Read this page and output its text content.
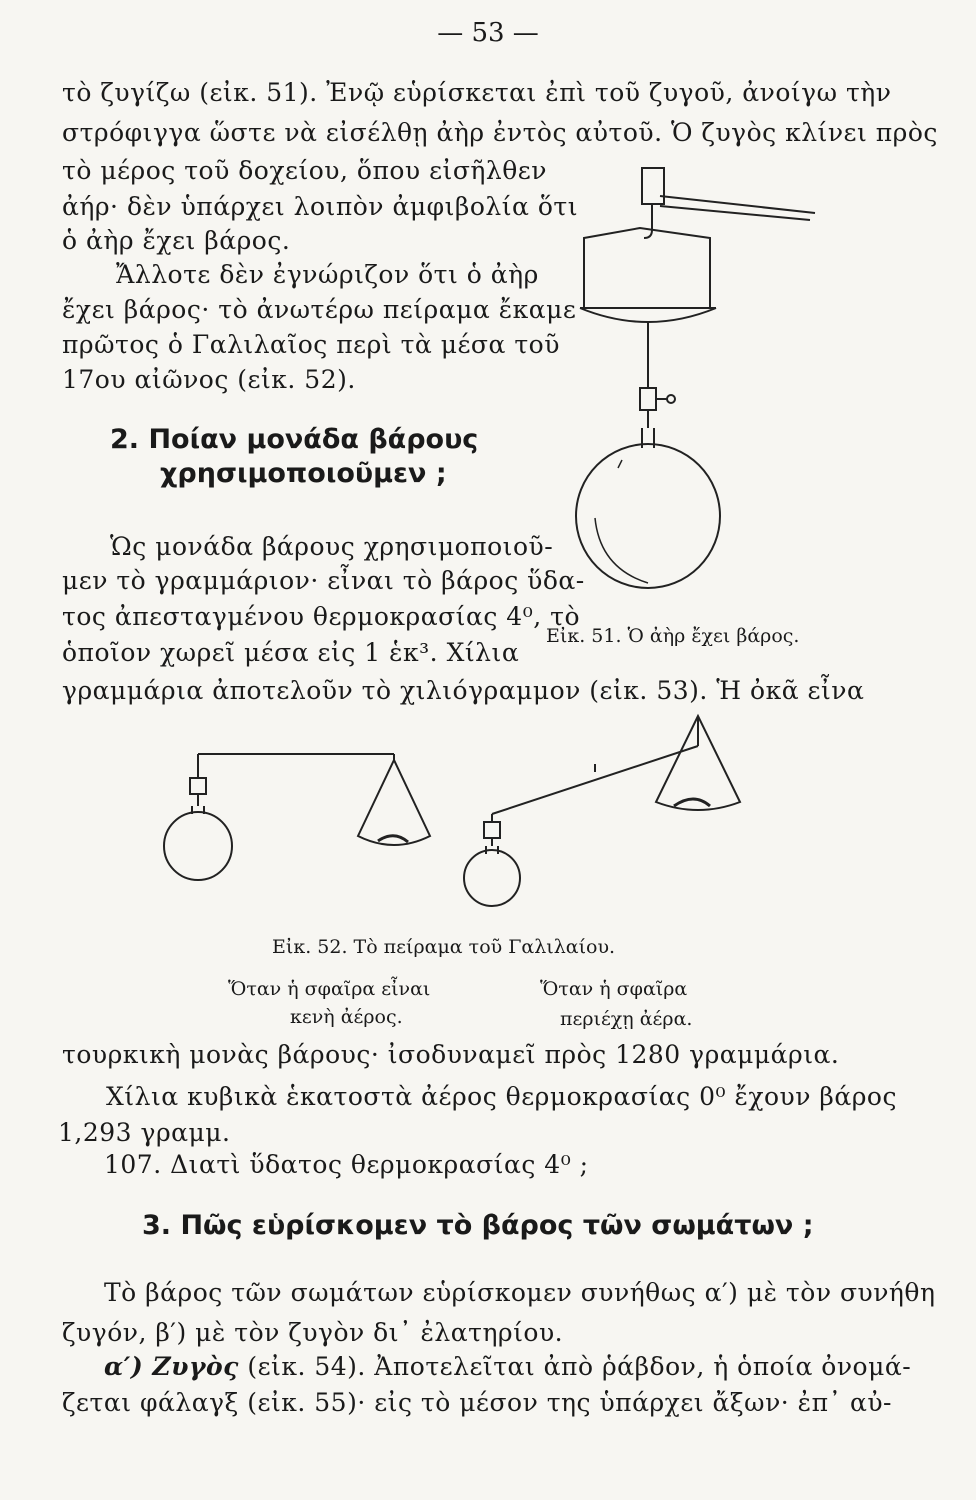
— 53 —
τὸ ζυγίζω (εἰκ. 51). Ἐνῷ εὑρίσκεται ἐπὶ τοῦ ζυγοῦ, ἀνοίγω τὴν
στρόφιγγα ὥστε νὰ εἰσέλθῃ ἀὴρ ἐντὸς αὐτοῦ. Ὁ ζυγὸς κλίνει πρὸς
τὸ μέρος τοῦ δοχείου, ὅπου εἰσῆλθεν
ἀήρ· δὲν ὑπάρχει λοιπὸν ἀμφιβολία ὅτι
ὁ ἀὴρ ἔχει βάρος.
Ἄλλοτε δὲν ἐγνώριζον ὅτι ὁ ἀὴρ
ἔχει βάρος· τὸ ἀνωτέρω πείραμα ἔκαμε
πρῶτος ὁ Γαλιλαῖος περὶ τὰ μέσα τοῦ
17ου αἰῶνος (εἰκ. 52).
2. Ποίαν μονάδα βάρους
χρησιμοποιοῦμεν ;
Ὡς μονάδα βάρους χρησιμοποιοῦ-
μεν τὸ γραμμάριον· εἶναι τὸ βάρος ὕδα-
τος ἀπεσταγμένου θερμοκρασίας 4⁰, τὸ
ὁποῖον χωρεῖ μέσα εἰς 1 ἑκ³. Χίλια
γραμμάρια ἀποτελοῦν τὸ χιλιόγραμμον (εἰκ. 53). Ἡ ὀκᾶ εἶνα
Εἰκ. 51. Ὁ ἀὴρ ἔχει βάρος.
Εἰκ. 52. Τὸ πείραμα τοῦ Γαλιλαίου.
Ὅταν ἡ σφαῖρα εἶναι
κενὴ ἀέρος.
Ὅταν ἡ σφαῖρα
περιέχῃ ἀέρα.
τουρκικὴ μονὰς βάρους· ἰσοδυναμεῖ πρὸς 1280 γραμμάρια.
Χίλια κυβικὰ ἑκατοστὰ ἀέρος θερμοκρασίας 0⁰ ἔχουν βάρος
1,293 γραμμ.
107. Διατὶ ὕδατος θερμοκρασίας 4⁰ ;
3. Πῶς εὑρίσκομεν τὸ βάρος τῶν σωμάτων ;
Τὸ βάρος τῶν σωμάτων εὑρίσκομεν συνήθως α′) μὲ τὸν συνήθη
ζυγόν, β′) μὲ τὸν ζυγὸν δι᾽ ἐλατηρίου.
α′) Ζυγὸς (εἰκ. 54). Ἀποτελεῖται ἀπὸ ῥάβδον, ἡ ὁποία ὀνομά-
ζεται φάλαγξ (εἰκ. 55)· εἰς τὸ μέσον της ὑπάρχει ἄξων· ἐπ᾽ αὐ-
